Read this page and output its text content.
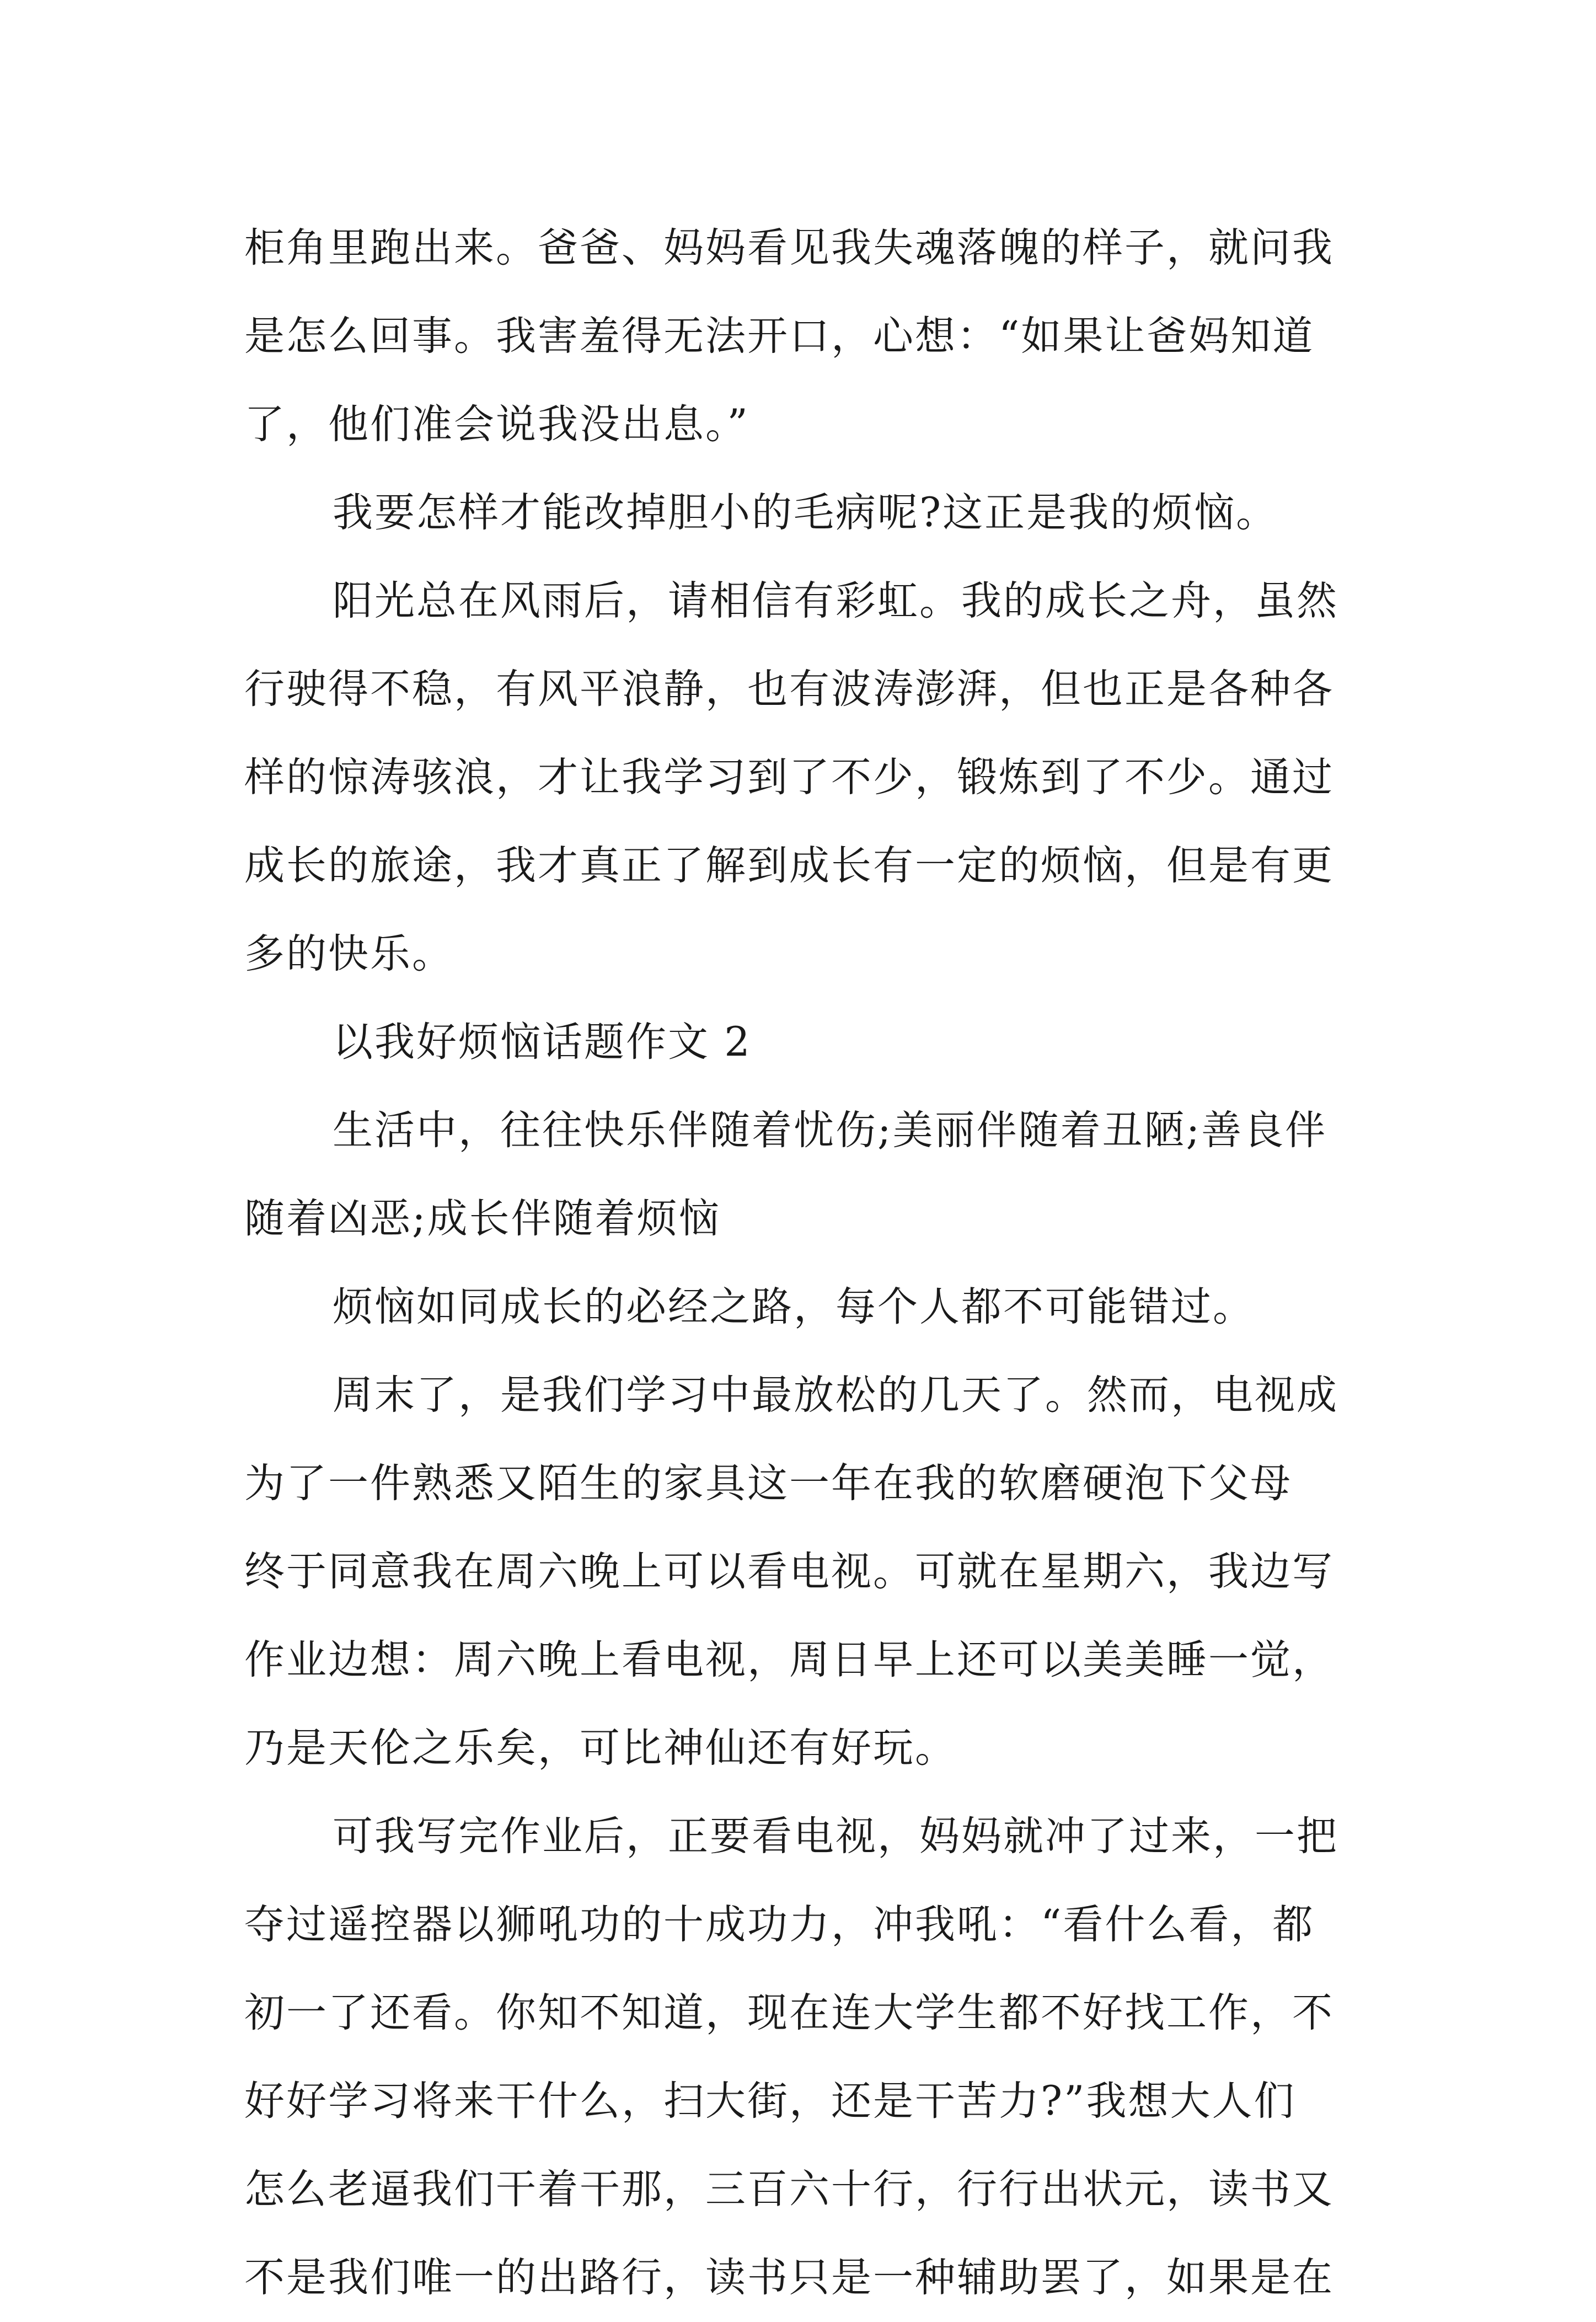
柜角里跑出来。爸爸、妈妈看见我失魂落魄的样子，就问我
是怎么回事。我害羞得无法开口，心想：“如果让爸妈知道
了，他们准会说我没出息。”
我要怎样才能改掉胆小的毛病呢?这正是我的烦恼。
阳光总在风雨后，请相信有彩虹。我的成长之舟，虽然
行驶得不稳，有风平浪静，也有波涛澎湃，但也正是各种各
样的惊涛骇浪，才让我学习到了不少，锻炼到了不少。通过
成长的旅途，我才真正了解到成长有一定的烦恼，但是有更
多的快乐。
以我好烦恼话题作文 2
生活中，往往快乐伴随着忧伤;美丽伴随着丑陋;善良伴
随着凶恶;成长伴随着烦恼
烦恼如同成长的必经之路，每个人都不可能错过。
周末了，是我们学习中最放松的几天了。然而，电视成
为了一件熟悉又陌生的家具这一年在我的软磨硬泡下父母
终于同意我在周六晚上可以看电视。可就在星期六，我边写
作业边想：周六晚上看电视，周日早上还可以美美睡一觉，
乃是天伦之乐矣，可比神仙还有好玩。
可我写完作业后，正要看电视，妈妈就冲了过来，一把
夺过遥控器以狮吼功的十成功力，冲我吼：“看什么看，都
初一了还看。你知不知道，现在连大学生都不好找工作，不
好好学习将来干什么，扫大街，还是干苦力?”我想大人们
怎么老逼我们干着干那，三百六十行，行行出状元，读书又
不是我们唯一的出路行，读书只是一种辅助罢了，如果是在
